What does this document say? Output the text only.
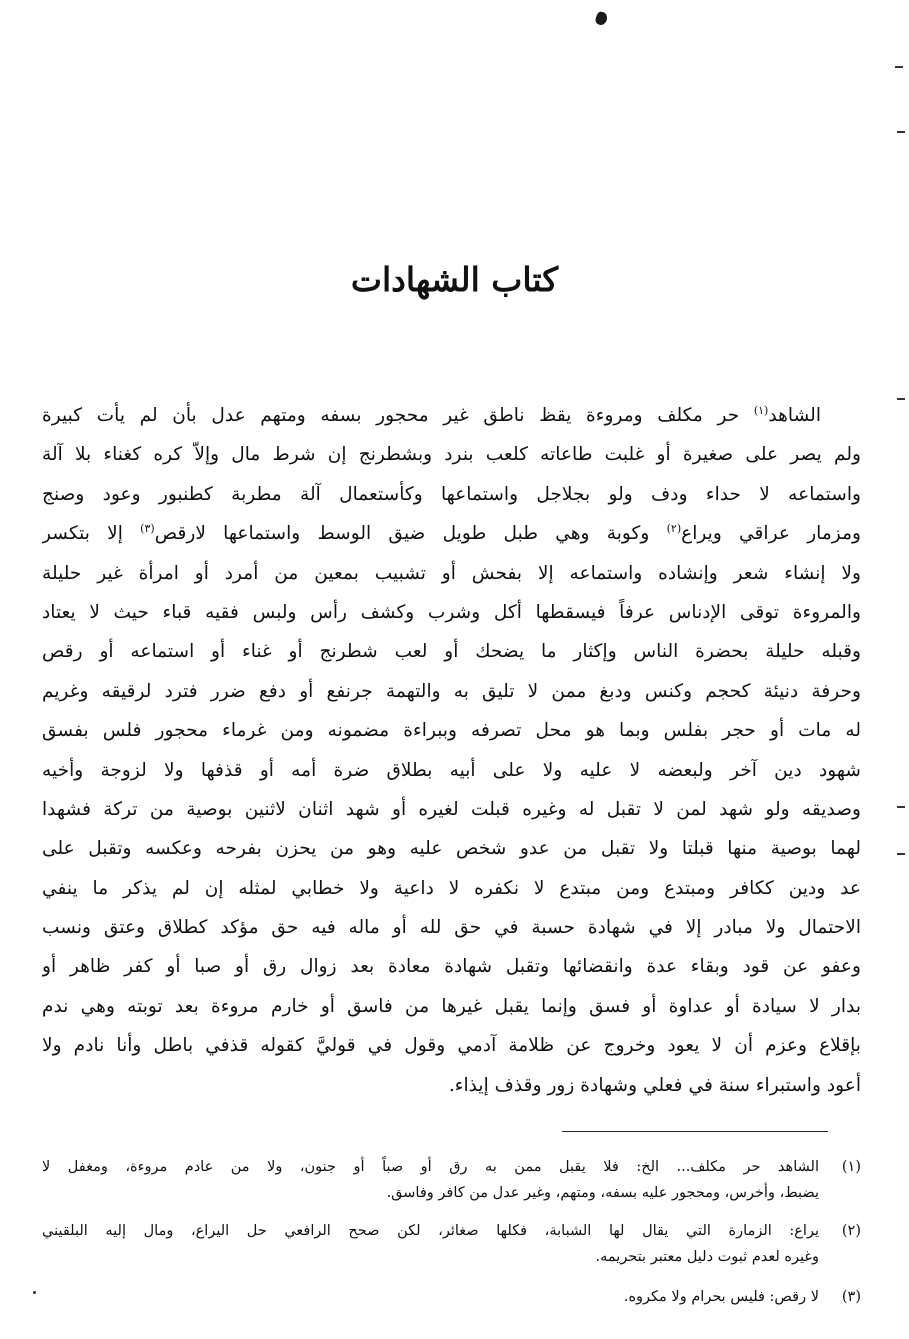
كتاب الشهادات
الشاهد$^{(١)}$ حر مكلف ومروءة يقظ ناطق غير محجور بسفه ومتهم عدل بأن لم يأت كبيرة
ولم يصر على صغيرة أو غلبت طاعاته كلعب بنرد وبشطرنج إن شرط مال وإلاّ كره كغناء بلا آلة
واستماعه لا حداء ودف ولو بجلاجل واستماعها وكأستعمال آلة مطربة كطنبور وعود وصنج
ومزمار عراقي ويراع$^{(٢)}$ وكوبة وهي طبل طويل ضيق الوسط واستماعها لارقص$^{(٣)}$ إلا بتكسر
ولا إنشاء شعر وإنشاده واستماعه إلا بفحش أو تشبيب بمعين من أمرد أو امرأة غير حليلة
والمروءة توقى الإدناس عرفاً فيسقطها أكل وشرب وكشف رأس ولبس فقيه قباء حيث لا يعتاد
وقبله حليلة بحضرة الناس وإكثار ما يضحك أو لعب شطرنج أو غناء أو استماعه أو رقص
وحرفة دنيئة كحجم وكنس ودبغ ممن لا تليق به والتهمة جرنفع أو دفع ضرر فترد لرقيقه وغريم
له مات أو حجر بفلس وبما هو محل تصرفه وببراءة مضمونه ومن غرماء محجور فلس بفسق
شهود دين آخر ولبعضه لا عليه ولا على أبيه بطلاق ضرة أمه أو قذفها ولا لزوجة وأخيه
وصديقه ولو شهد لمن لا تقبل له وغيره قبلت لغيره أو شهد اثنان لاثنين بوصية من تركة فشهدا
لهما بوصية منها قبلتا ولا تقبل من عدو شخص عليه وهو من يحزن بفرحه وعكسه وتقبل على
عد ودين ككافر ومبتدع ومن مبتدع لا نكفره لا داعية ولا خطابي لمثله إن لم يذكر ما ينفي
الاحتمال ولا مبادر إلا في شهادة حسبة في حق لله أو ماله فيه حق مؤكد كطلاق وعتق ونسب
وعفو عن قود وبقاء عدة وانقضائها وتقبل شهادة معادة بعد زوال رق أو صبا أو كفر ظاهر أو
بدار لا سيادة أو عداوة أو فسق وإنما يقبل غيرها من فاسق أو خارم مروءة بعد توبته وهي ندم
بإقلاع وعزم أن لا يعود وخروج عن ظلامة آدمي وقول في قوليَّ كقوله قذفي باطل وأنا نادم ولا
أعود واستبراء سنة في فعلي وشهادة زور وقذف إيذاء.
(١)
الشاهد حر مكلف... الخ: فلا يقبل ممن به رق أو صباً أو جنون، ولا من عادم مروءة، ومغفل لا
يضبط، وأخرس، ومحجور عليه بسفه، ومتهم، وغير عدل من كافر وفاسق.
(٢)
يراع: الزمارة التي يقال لها الشبابة، فكلها صغائر، لكن صحح الرافعي حل اليراع، ومال إليه البلقيني
وغيره لعدم ثبوت دليل معتبر بتحريمه.
(٣)
لا رقص: فليس بحرام ولا مكروه.
